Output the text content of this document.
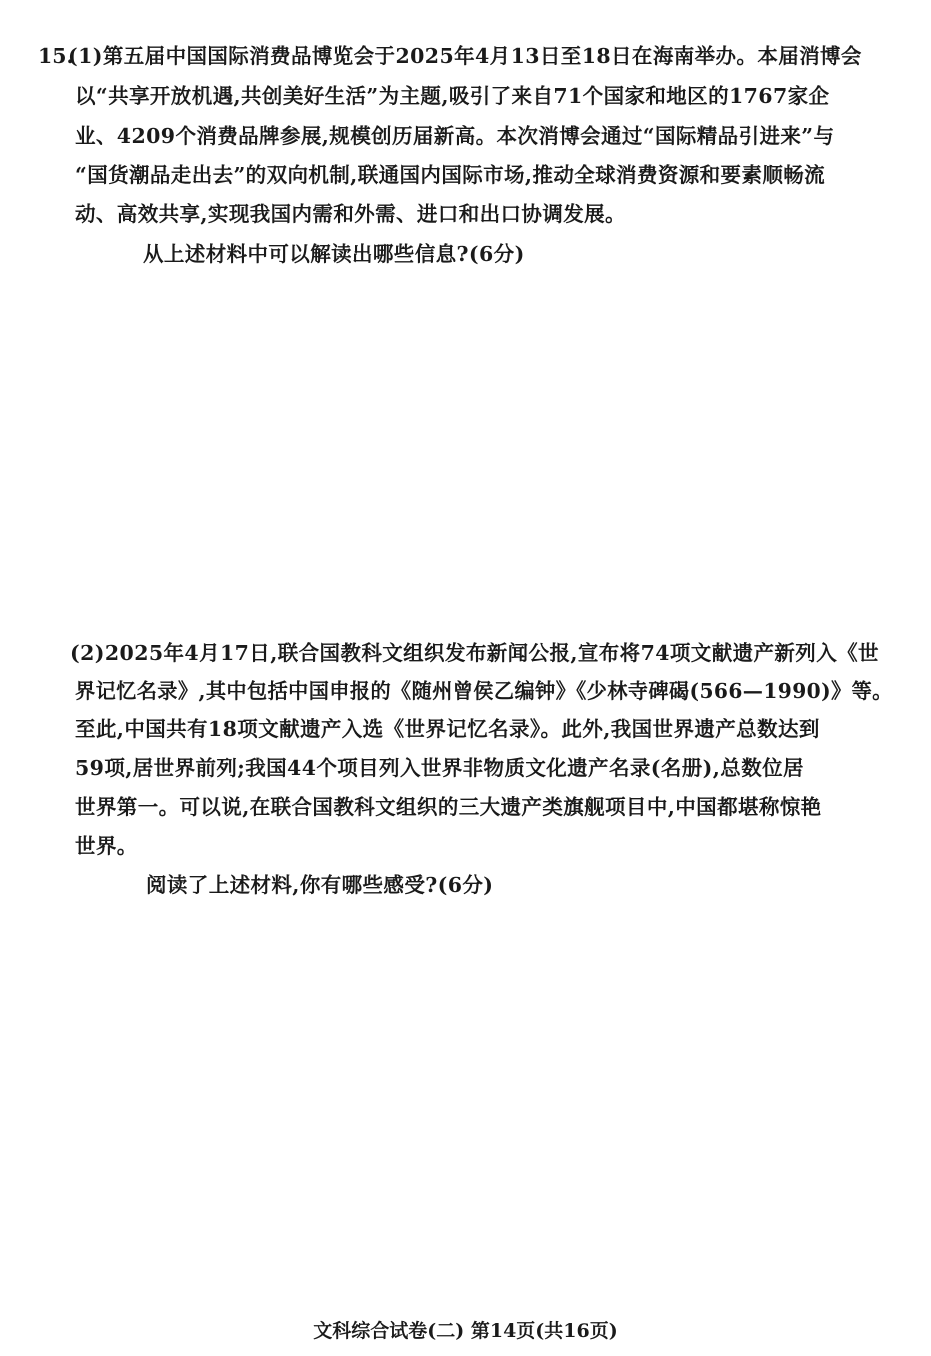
15.
(1)第五届中国国际消费品博览会于2025年4月13日至18日在海南举办。本届消博会
以“共享开放机遇,共创美好生活”为主题,吸引了来自71个国家和地区的1767家企
业、4209个消费品牌参展,规模创历届新高。本次消博会通过“国际精品引进来”与
“国货潮品走出去”的双向机制,联通国内国际市场,推动全球消费资源和要素顺畅流
动、高效共享,实现我国内需和外需、进口和出口协调发展。
从上述材料中可以解读出哪些信息?(6分)
(2)2025年4月17日,联合国教科文组织发布新闻公报,宣布将74项文献遗产新列入《世
界记忆名录》,其中包括中国申报的《随州曾侯乙编钟》《少林寺碑碣(566—1990)》等。
至此,中国共有18项文献遗产入选《世界记忆名录》。此外,我国世界遗产总数达到
59项,居世界前列;我国44个项目列入世界非物质文化遗产名录(名册),总数位居
世界第一。可以说,在联合国教科文组织的三大遗产类旗舰项目中,中国都堪称惊艳
世界。
阅读了上述材料,你有哪些感受?(6分)
文科综合试卷(二) 第14页(共16页)
